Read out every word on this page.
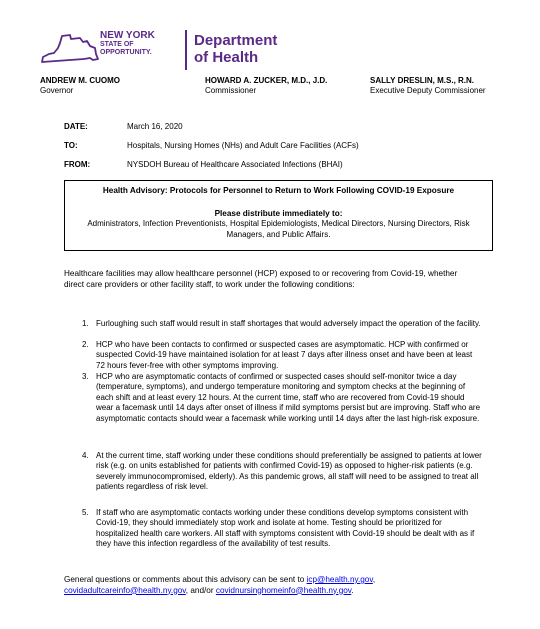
NEW YORK
STATE OF
OPPORTUNITY.
Department
of Health
ANDREW M. CUOMO
Governor
HOWARD A. ZUCKER, M.D., J.D.
Commissioner
SALLY DRESLIN, M.S., R.N.
Executive Deputy Commissioner
DATE:	March 16, 2020
TO:	Hospitals, Nursing Homes (NHs) and Adult Care Facilities (ACFs)
FROM:	NYSDOH Bureau of Healthcare Associated Infections (BHAI)
Health Advisory: Protocols for Personnel to Return to Work Following COVID-19 Exposure
Please distribute immediately to:
Administrators, Infection Preventionists, Hospital Epidemiologists, Medical Directors, Nursing Directors, Risk Managers, and Public Affairs.
Healthcare facilities may allow healthcare personnel (HCP) exposed to or recovering from Covid-19, whether direct care providers or other facility staff, to work under the following conditions:
1. Furloughing such staff would result in staff shortages that would adversely impact the operation of the facility.
2. HCP who have been contacts to confirmed or suspected cases are asymptomatic. HCP with confirmed or suspected Covid-19 have maintained isolation for at least 7 days after illness onset and have been at least 72 hours fever-free with other symptoms improving.
3. HCP who are asymptomatic contacts of confirmed or suspected cases should self-monitor twice a day (temperature, symptoms), and undergo temperature monitoring and symptom checks at the beginning of each shift and at least every 12 hours. At the current time, staff who are recovered from Covid-19 should wear a facemask until 14 days after onset of illness if mild symptoms persist but are improving. Staff who are asymptomatic contacts should wear a facemask while working until 14 days after the last high-risk exposure.
4. At the current time, staff working under these conditions should preferentially be assigned to patients at lower risk (e.g. on units established for patients with confirmed Covid-19) as opposed to higher-risk patients (e.g. severely immunocompromised, elderly). As this pandemic grows, all staff will need to be assigned to treat all patients regardless of risk level.
5. If staff who are asymptomatic contacts working under these conditions develop symptoms consistent with Covid-19, they should immediately stop work and isolate at home. Testing should be prioritized for hospitalized health care workers. All staff with symptoms consistent with Covid-19 should be dealt with as if they have this infection regardless of the availability of test results.
General questions or comments about this advisory can be sent to icp@health.ny.gov,
covidadultcareinfo@health.ny.gov, and/or covidnursinghomeinfo@health.ny.gov.
